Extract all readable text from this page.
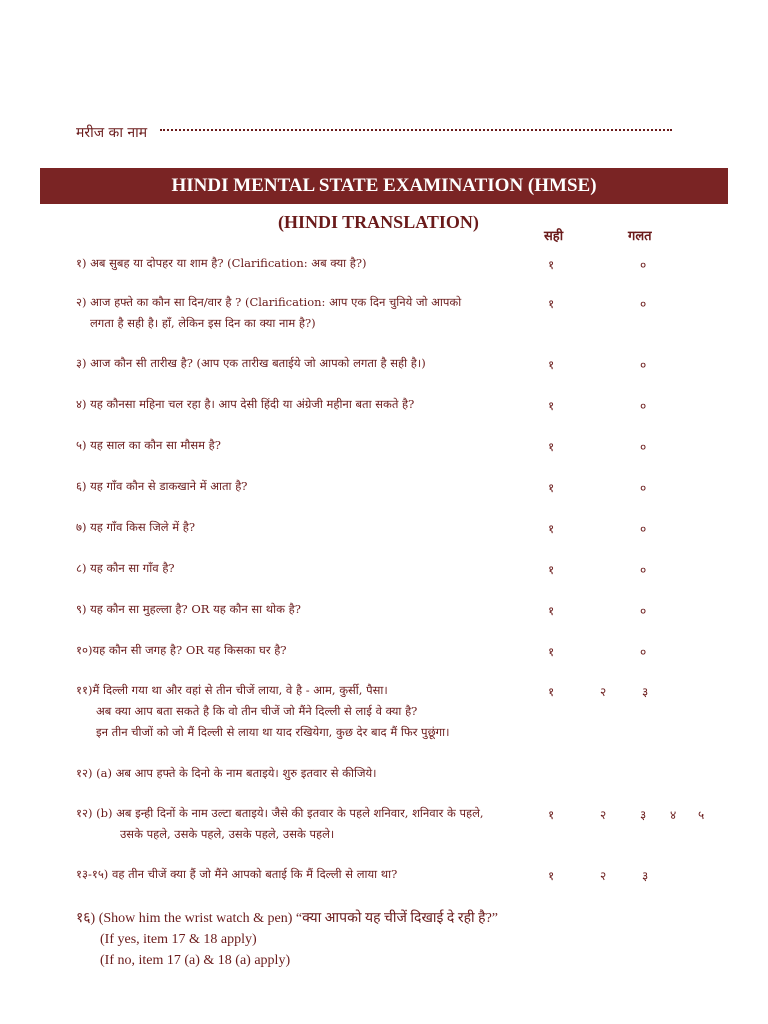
मरीज का नाम
HINDI MENTAL STATE EXAMINATION (HMSE)
(HINDI TRANSLATION)
सही	गलत
१) अब सुबह या दोपहर या शाम है? (Clarification: अब क्या है?)	१	०
२) आज हफ्ते का कौन सा दिन/वार है ? (Clarification: आप एक दिन चुनिये जो आपको
लगता है सही है। हाँ, लेकिन इस दिन का क्या नाम है?)
१	०
३) आज कौन सी तारीख है? (आप एक तारीख बताईये जो आपको लगता है सही है।)	१	०
४) यह कौनसा महिना चल रहा है। आप देसी हिंदी या अंग्रेजी महीना बता सकते है?	१	०
५) यह साल का कौन सा मौसम है?	१	०
६) यह गाँव कौन से डाकखाने में आता है?	१	०
७) यह गाँव किस जिले में है?	१	०
८) यह कौन सा गाँव है?	१	०
९) यह कौन सा मुहल्ला है? OR यह कौन सा थोक है?	१	०
१०)यह कौन सी जगह है? OR यह किसका घर है?	१	०
११)मैं दिल्ली गया था और वहां से तीन चीजें लाया, वे है - आम, कुर्सी, पैसा।
अब क्या आप बता सकते है कि वो तीन चीजें जो मैंने दिल्ली से लाई वे क्या है?
इन तीन चीजों को जो मैं दिल्ली से लाया था याद रखियेगा, कुछ देर बाद मैं फिर पुछूंगा।
१	२	३
१२) (a) अब आप हफ्ते के दिनो के नाम बताइये। शुरु इतवार से कीजिये।
१२) (b) अब इन्ही दिनों के नाम उल्टा बताइये। जैसे की इतवार के पहले शनिवार, शनिवार के पहले,
उसके पहले, उसके पहले, उसके पहले, उसके पहले।
१	२	३ ४ ५
१३-१५) वह तीन चीजें क्या हैं जो मैंने आपको बताई कि मैं दिल्ली से लाया था?	१	२	३
१६) (Show him the wrist watch & pen) “क्या आपको यह चीजें दिखाई दे रही है?”
(If yes, item 17 & 18 apply)
(If no, item 17 (a) & 18 (a) apply)
